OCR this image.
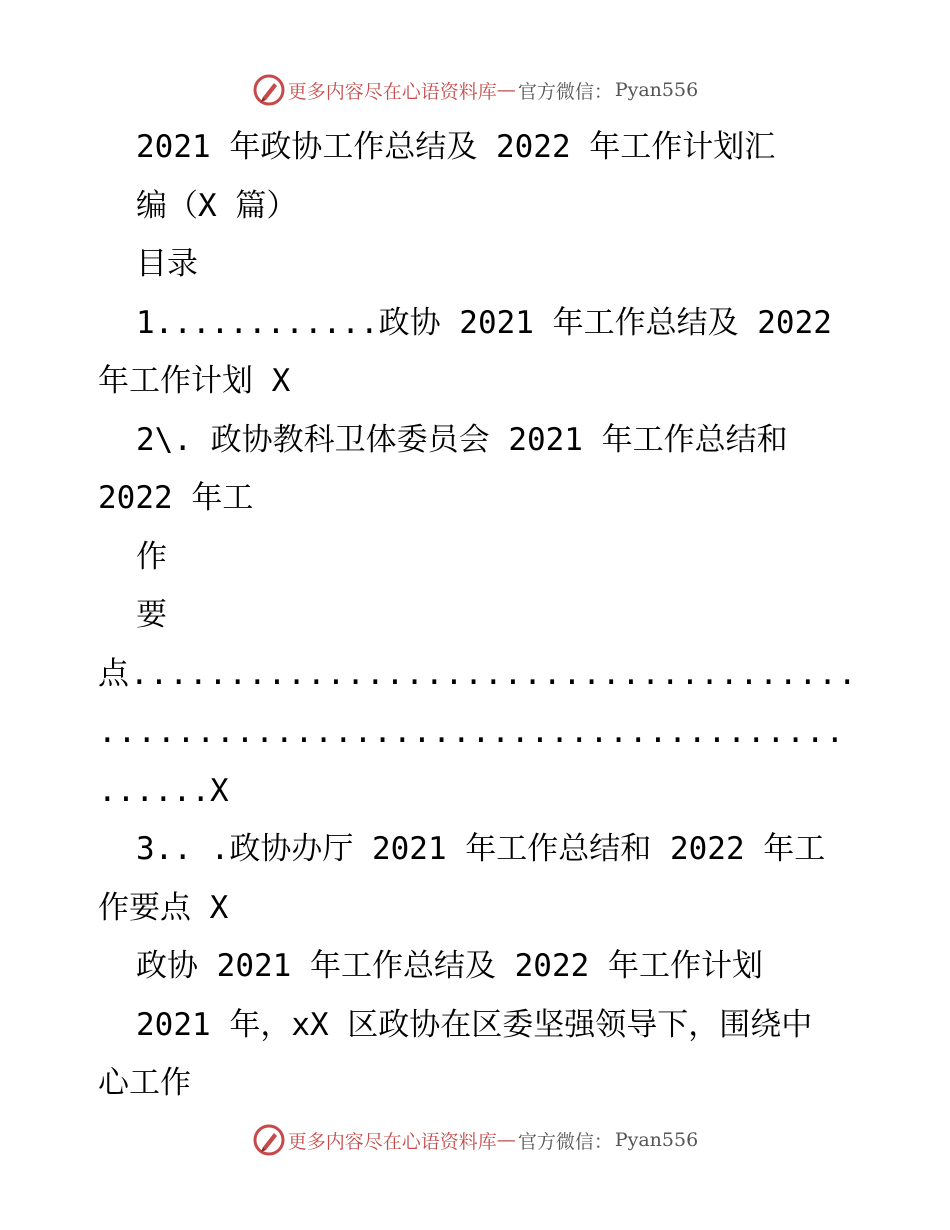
更多内容尽在心语资料库 — 官方微信： Pyan556
2021 年政协工作总结及 2022 年工作计划汇
编（X 篇）
目录
1............政协 2021 年工作总结及 2022
年工作计划 X
2\. 政协教科卫体委员会 2021 年工作总结和
2022 年工
作
要
点.....................................
......................................
......X
3.. .政协办厅 2021 年工作总结和 2022 年工
作要点 X
政协 2021 年工作总结及 2022 年工作计划
2021 年，xX 区政协在区委坚强领导下，围绕中
心工作
更多内容尽在心语资料库 — 官方微信： Pyan556
